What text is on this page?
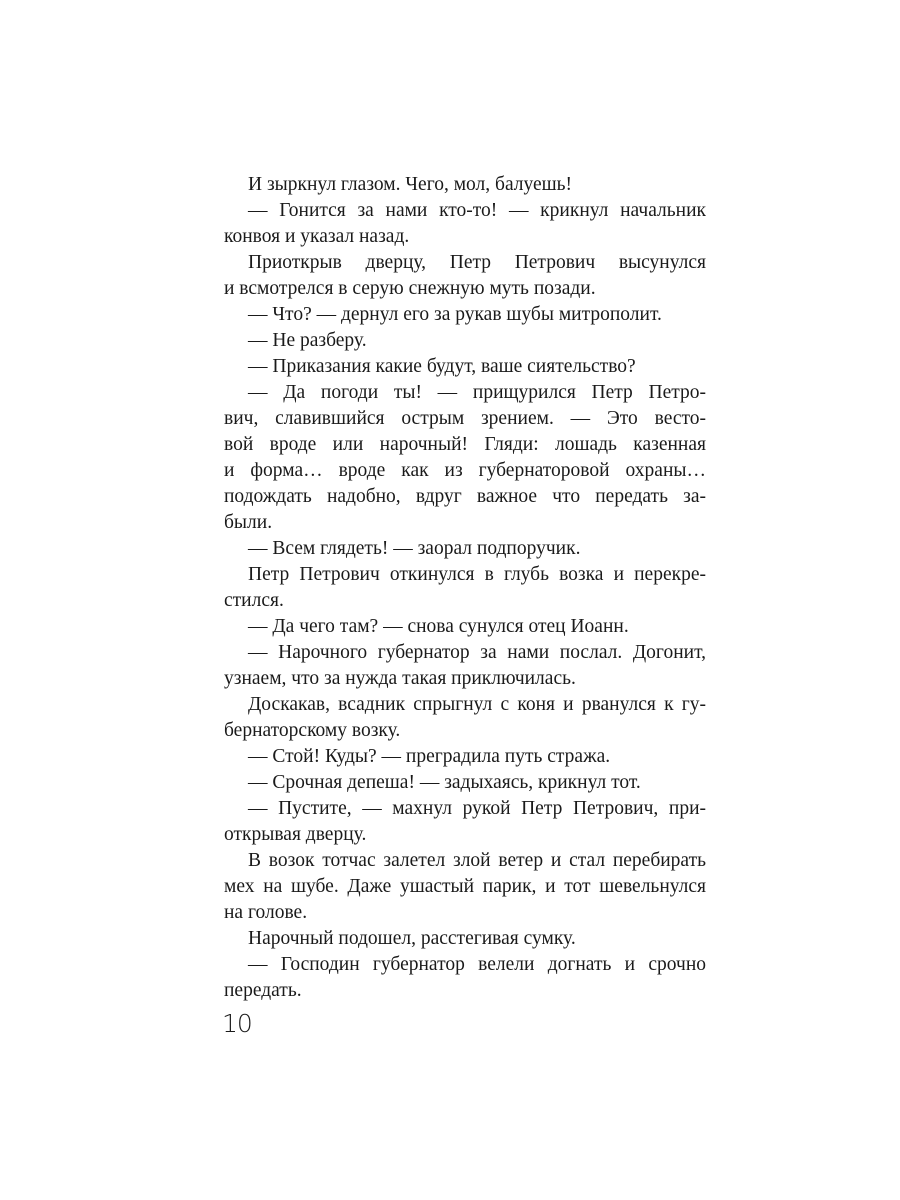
И зыркнул глазом. Чего, мол, балуешь!
— Гонится за нами кто-то! — крикнул начальник
конвоя и указал назад.
Приоткрыв дверцу, Петр Петрович высунулся
и всмотрелся в серую снежную муть позади.
— Что? — дернул его за рукав шубы митрополит.
— Не разберу.
— Приказания какие будут, ваше сиятельство?
— Да погоди ты! — прищурился Петр Петро-
вич, славившийся острым зрением. — Это весто-
вой вроде или нарочный! Гляди: лошадь казенная
и форма… вроде как из губернаторовой охраны…
подождать надобно, вдруг важное что передать за-
были.
— Всем глядеть! — заорал подпоручик.
Петр Петрович откинулся в глубь возка и перекре-
стился.
— Да чего там? — снова сунулся отец Иоанн.
— Нарочного губернатор за нами послал. Догонит,
узнаем, что за нужда такая приключилась.
Доскакав, всадник спрыгнул с коня и рванулся к гу-
бернаторскому возку.
— Стой! Куды? — преградила путь стража.
— Срочная депеша! — задыхаясь, крикнул тот.
— Пустите, — махнул рукой Петр Петрович, при-
открывая дверцу.
В возок тотчас залетел злой ветер и стал перебирать
мех на шубе. Даже ушастый парик, и тот шевельнулся
на голове.
Нарочный подошел, расстегивая сумку.
— Господин губернатор велели догнать и срочно
передать.
10
